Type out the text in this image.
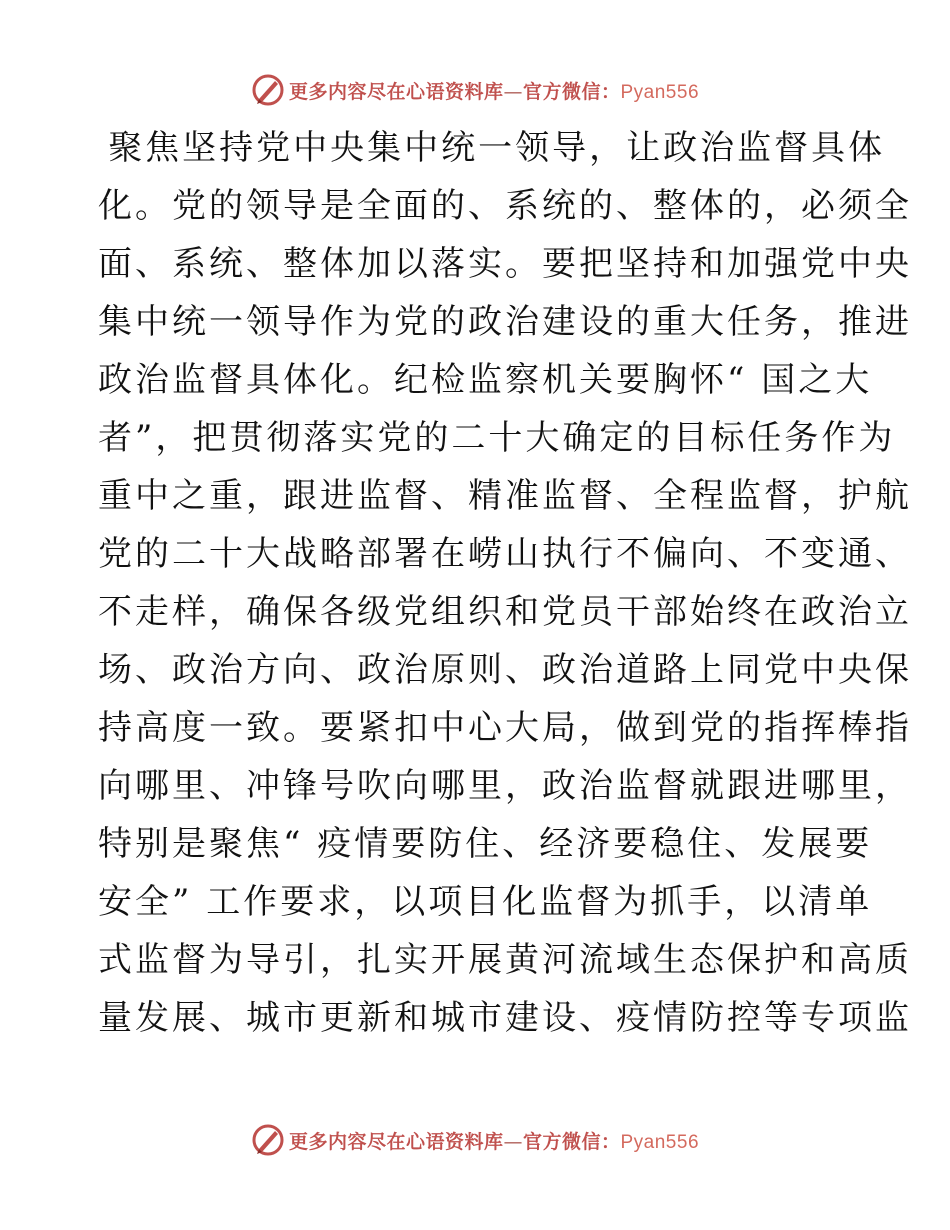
更多内容尽在心语资料库—官方微信：Pyan556
聚焦坚持党中央集中统一领导，让政治监督具体
化。党的领导是全面的、系统的、整体的，必须全
面、系统、整体加以落实。要把坚持和加强党中央
集中统一领导作为党的政治建设的重大任务，推进
政治监督具体化。纪检监察机关要胸怀“ 国之大
者”，把贯彻落实党的二十大确定的目标任务作为
重中之重，跟进监督、精准监督、全程监督，护航
党的二十大战略部署在崂山执行不偏向、不变通、
不走样，确保各级党组织和党员干部始终在政治立
场、政治方向、政治原则、政治道路上同党中央保
持高度一致。要紧扣中心大局，做到党的指挥棒指
向哪里、冲锋号吹向哪里，政治监督就跟进哪里，
特别是聚焦“ 疫情要防住、经济要稳住、发展要
安全” 工作要求，以项目化监督为抓手，以清单
式监督为导引，扎实开展黄河流域生态保护和高质
量发展、城市更新和城市建设、疫情防控等专项监
更多内容尽在心语资料库—官方微信：Pyan556
